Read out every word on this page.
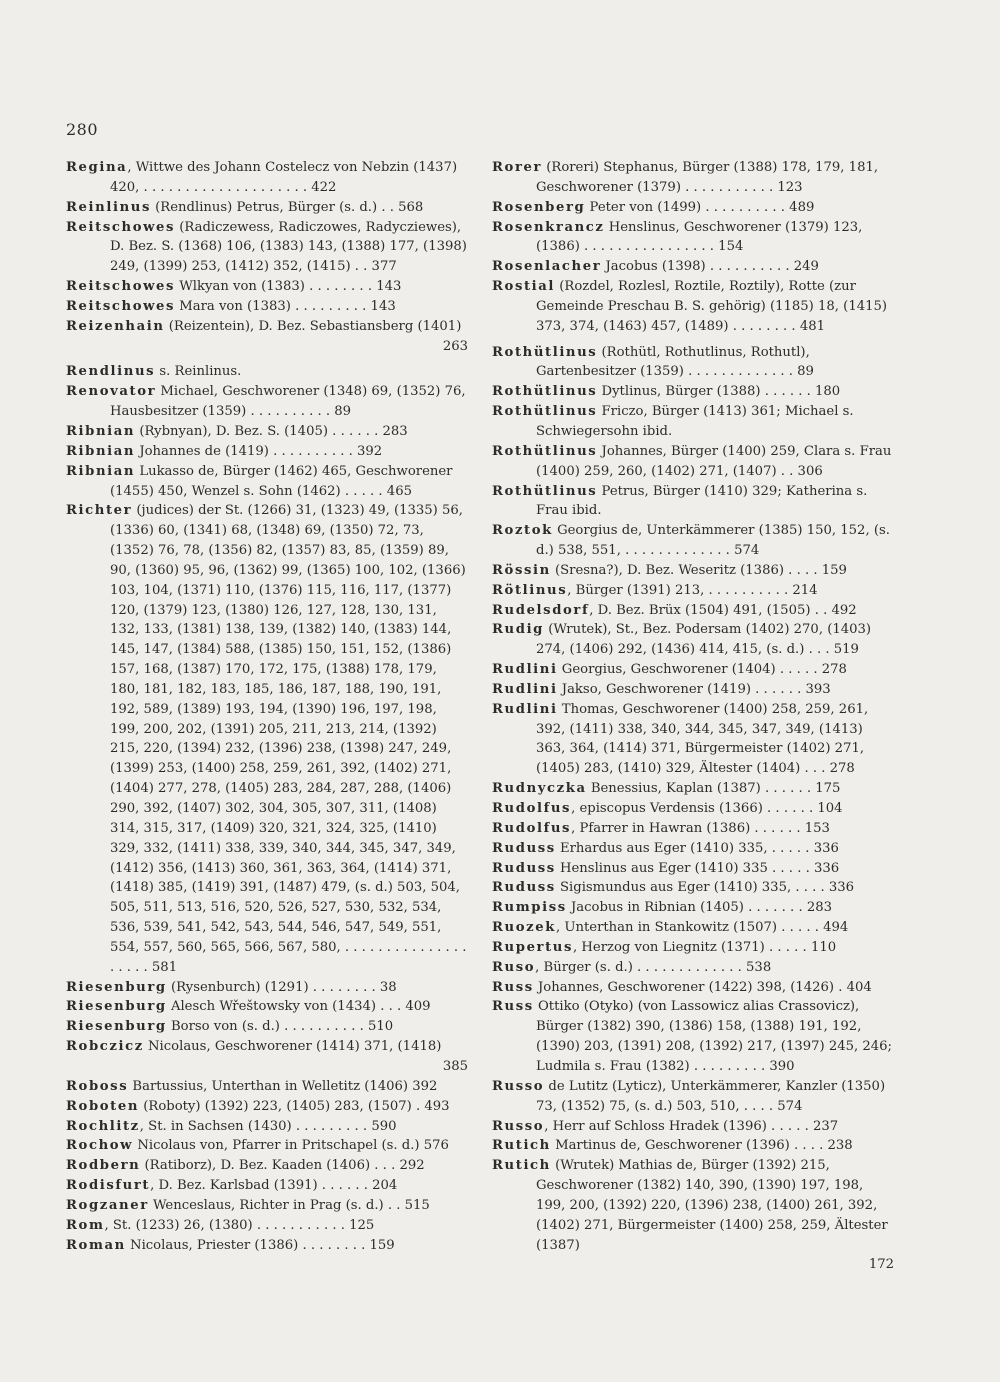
280
Regina, Wittwe des Johann Costelecz von Nebzin (1437) 420, . . . . . . . . . . . . . . . . . . . . 422
Reinlinus (Rendlinus) Petrus, Bürger (s. d.) . . 568
Reitschowes (Radiczewess, Radiczowes, Radycziewes), D. Bez. S. (1368) 106, (1383) 143, (1388) 177, (1398) 249, (1399) 253, (1412) 352, (1415) . . 377
Reitschowes Wlkyan von (1383) . . . . . . . . 143
Reitschowes Mara von (1383) . . . . . . . . . 143
Reizenhain (Reizentein), D. Bez. Sebastiansberg (1401)
263
Rendlinus s. Reinlinus.
Renovator Michael, Geschworener (1348) 69, (1352) 76, Hausbesitzer (1359) . . . . . . . . . . 89
Ribnian (Rybnyan), D. Bez. S. (1405) . . . . . . 283
Ribnian Johannes de (1419) . . . . . . . . . . 392
Ribnian Lukasso de, Bürger (1462) 465, Geschworener (1455) 450, Wenzel s. Sohn (1462) . . . . . 465
Richter (judices) der St. (1266) 31, (1323) 49, (1335) 56, (1336) 60, (1341) 68, (1348) 69, (1350) 72, 73, (1352) 76, 78, (1356) 82, (1357) 83, 85, (1359) 89, 90, (1360) 95, 96, (1362) 99, (1365) 100, 102, (1366) 103, 104, (1371) 110, (1376) 115, 116, 117, (1377) 120, (1379) 123, (1380) 126, 127, 128, 130, 131, 132, 133, (1381) 138, 139, (1382) 140, (1383) 144, 145, 147, (1384) 588, (1385) 150, 151, 152, (1386) 157, 168, (1387) 170, 172, 175, (1388) 178, 179, 180, 181, 182, 183, 185, 186, 187, 188, 190, 191, 192, 589, (1389) 193, 194, (1390) 196, 197, 198, 199, 200, 202, (1391) 205, 211, 213, 214, (1392) 215, 220, (1394) 232, (1396) 238, (1398) 247, 249, (1399) 253, (1400) 258, 259, 261, 392, (1402) 271, (1404) 277, 278, (1405) 283, 284, 287, 288, (1406) 290, 392, (1407) 302, 304, 305, 307, 311, (1408) 314, 315, 317, (1409) 320, 321, 324, 325, (1410) 329, 332, (1411) 338, 339, 340, 344, 345, 347, 349, (1412) 356, (1413) 360, 361, 363, 364, (1414) 371, (1418) 385, (1419) 391, (1487) 479, (s. d.) 503, 504, 505, 511, 513, 516, 520, 526, 527, 530, 532, 534, 536, 539, 541, 542, 543, 544, 546, 547, 549, 551, 554, 557, 560, 565, 566, 567, 580, . . . . . . . . . . . . . . . . . . . . 581
Riesenburg (Rysenburch) (1291) . . . . . . . . 38
Riesenburg Alesch Wřeštowsky von (1434) . . . 409
Riesenburg Borso von (s. d.) . . . . . . . . . . 510
Robczicz Nicolaus, Geschworener (1414) 371, (1418)
385
Roboss Bartussius, Unterthan in Welletitz (1406) 392
Roboten (Roboty) (1392) 223, (1405) 283, (1507) . 493
Rochlitz, St. in Sachsen (1430) . . . . . . . . . 590
Rochow Nicolaus von, Pfarrer in Pritschapel (s. d.) 576
Rodbern (Ratiborz), D. Bez. Kaaden (1406) . . . 292
Rodisfurt, D. Bez. Karlsbad (1391) . . . . . . 204
Rogzaner Wenceslaus, Richter in Prag (s. d.) . . 515
Rom, St. (1233) 26, (1380) . . . . . . . . . . . 125
Roman Nicolaus, Priester (1386) . . . . . . . . 159
Rorer (Roreri) Stephanus, Bürger (1388) 178, 179, 181, Geschworener (1379) . . . . . . . . . . . 123
Rosenberg Peter von (1499) . . . . . . . . . . 489
Rosenkrancz Henslinus, Geschworener (1379) 123, (1386) . . . . . . . . . . . . . . . . 154
Rosenlacher Jacobus (1398) . . . . . . . . . . 249
Rostial (Rozdel, Rozlesl, Roztile, Roztily), Rotte (zur Gemeinde Preschau B. S. gehörig) (1185) 18, (1415) 373, 374, (1463) 457, (1489) . . . . . . . . 481
Rothütlinus (Rothütl, Rothutlinus, Rothutl), Gartenbesitzer (1359) . . . . . . . . . . . . . 89
Rothütlinus Dytlinus, Bürger (1388) . . . . . . 180
Rothütlinus Friczo, Bürger (1413) 361; Michael s. Schwiegersohn ibid.
Rothütlinus Johannes, Bürger (1400) 259, Clara s. Frau (1400) 259, 260, (1402) 271, (1407) . . 306
Rothütlinus Petrus, Bürger (1410) 329; Katherina s. Frau ibid.
Roztok Georgius de, Unterkämmerer (1385) 150, 152, (s. d.) 538, 551, . . . . . . . . . . . . . 574
Rössin (Sresna?), D. Bez. Weseritz (1386) . . . . 159
Rötlinus, Bürger (1391) 213, . . . . . . . . . . 214
Rudelsdorf, D. Bez. Brüx (1504) 491, (1505) . . 492
Rudig (Wrutek), St., Bez. Podersam (1402) 270, (1403) 274, (1406) 292, (1436) 414, 415, (s. d.) . . . 519
Rudlini Georgius, Geschworener (1404) . . . . . 278
Rudlini Jakso, Geschworener (1419) . . . . . . 393
Rudlini Thomas, Geschworener (1400) 258, 259, 261, 392, (1411) 338, 340, 344, 345, 347, 349, (1413) 363, 364, (1414) 371, Bürgermeister (1402) 271, (1405) 283, (1410) 329, Ältester (1404) . . . 278
Rudnyczka Benessius, Kaplan (1387) . . . . . . 175
Rudolfus, episcopus Verdensis (1366) . . . . . . 104
Rudolfus, Pfarrer in Hawran (1386) . . . . . . 153
Ruduss Erhardus aus Eger (1410) 335, . . . . . 336
Ruduss Henslinus aus Eger (1410) 335 . . . . . 336
Ruduss Sigismundus aus Eger (1410) 335, . . . . 336
Rumpiss Jacobus in Ribnian (1405) . . . . . . . 283
Ruozek, Unterthan in Stankowitz (1507) . . . . . 494
Rupertus, Herzog von Liegnitz (1371) . . . . . 110
Ruso, Bürger (s. d.) . . . . . . . . . . . . . 538
Russ Johannes, Geschworener (1422) 398, (1426) . 404
Russ Ottiko (Otyko) (von Lassowicz alias Crassovicz), Bürger (1382) 390, (1386) 158, (1388) 191, 192, (1390) 203, (1391) 208, (1392) 217, (1397) 245, 246; Ludmila s. Frau (1382) . . . . . . . . . 390
Russo de Lutitz (Lyticz), Unterkämmerer, Kanzler (1350) 73, (1352) 75, (s. d.) 503, 510, . . . . 574
Russo, Herr auf Schloss Hradek (1396) . . . . . 237
Rutich Martinus de, Geschworener (1396) . . . . 238
Rutich (Wrutek) Mathias de, Bürger (1392) 215, Geschworener (1382) 140, 390, (1390) 197, 198, 199, 200, (1392) 220, (1396) 238, (1400) 261, 392, (1402) 271, Bürgermeister (1400) 258, 259, Ältester (1387)
172
